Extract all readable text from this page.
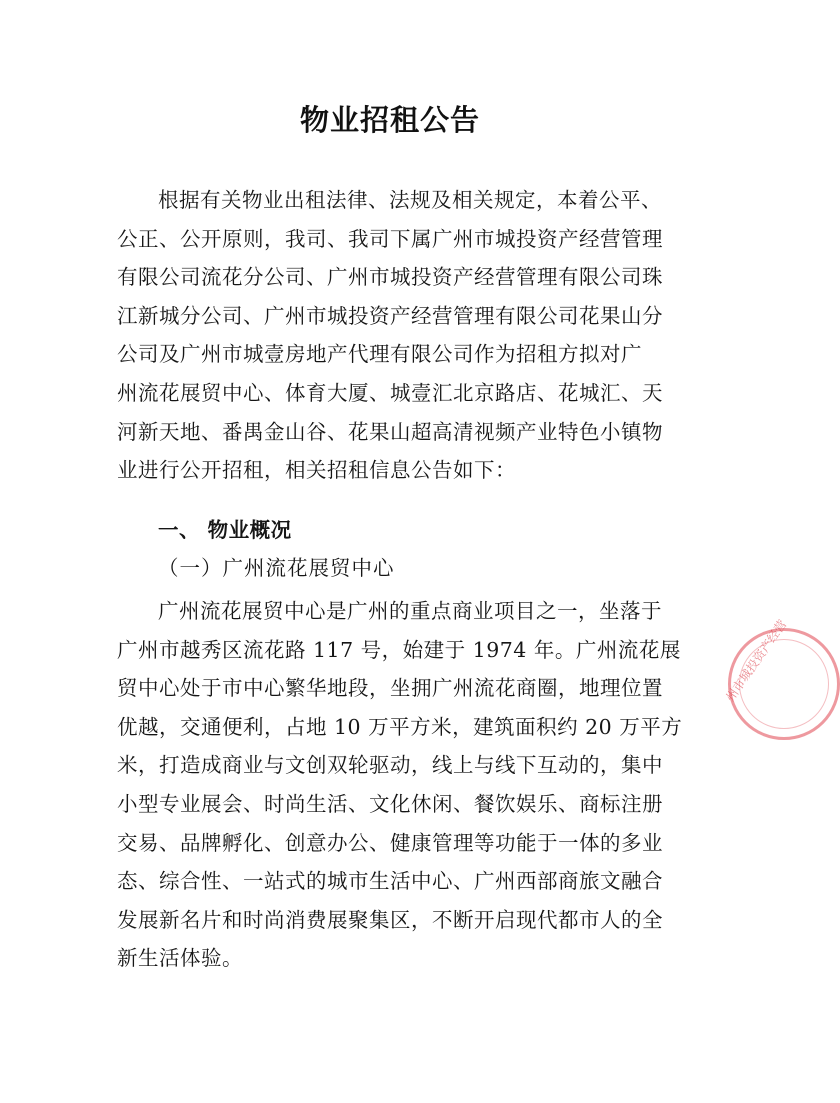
物业招租公告
根据有关物业出租法律、法规及相关规定，本着公平、
公正、公开原则，我司、我司下属广州市城投资产经营管理
有限公司流花分公司、广州市城投资产经营管理有限公司珠
江新城分公司、广州市城投资产经营管理有限公司花果山分
公司及广州市城壹房地产代理有限公司作为招租方拟对广
州流花展贸中心、体育大厦、城壹汇北京路店、花城汇、天
河新天地、番禺金山谷、花果山超高清视频产业特色小镇物
业进行公开招租，相关招租信息公告如下：
一、 物业概况
（一）广州流花展贸中心
广州流花展贸中心是广州的重点商业项目之一，坐落于
广州市越秀区流花路 117 号，始建于 1974 年。广州流花展
贸中心处于市中心繁华地段，坐拥广州流花商圈，地理位置
优越，交通便利，占地 10 万平方米，建筑面积约 20 万平方
米，打造成商业与文创双轮驱动，线上与线下互动的，集中
小型专业展会、时尚生活、文化休闲、餐饮娱乐、商标注册
交易、品牌孵化、创意办公、健康管理等功能于一体的多业
态、综合性、一站式的城市生活中心、广州西部商旅文融合
发展新名片和时尚消费展聚集区，不断开启现代都市人的全
新生活体验。
州市城投资产经营
